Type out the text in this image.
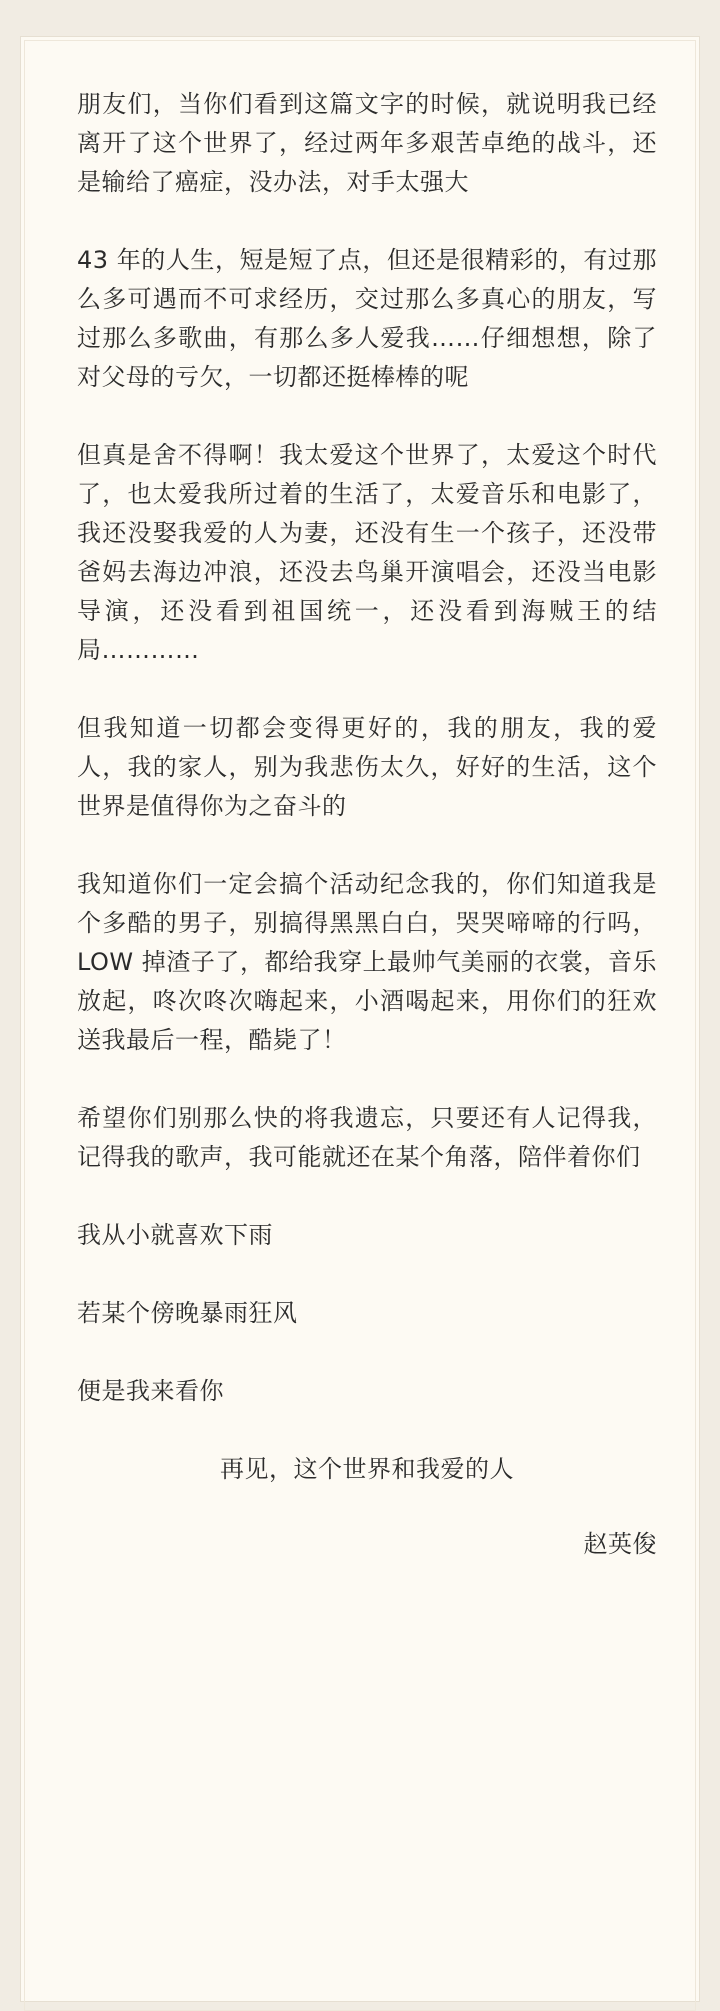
朋友们，当你们看到这篇文字的时候，就说明我已经离开了这个世界了，经过两年多艰苦卓绝的战斗，还是输给了癌症，没办法，对手太强大

43 年的人生，短是短了点，但还是很精彩的，有过那么多可遇而不可求经历，交过那么多真心的朋友，写过那么多歌曲，有那么多人爱我……仔细想想，除了对父母的亏欠，一切都还挺棒棒的呢

但真是舍不得啊！我太爱这个世界了，太爱这个时代了，也太爱我所过着的生活了，太爱音乐和电影了，我还没娶我爱的人为妻，还没有生一个孩子，还没带爸妈去海边冲浪，还没去鸟巢开演唱会，还没当电影导演，还没看到祖国统一，还没看到海贼王的结局…………

但我知道一切都会变得更好的，我的朋友，我的爱人，我的家人，别为我悲伤太久，好好的生活，这个世界是值得你为之奋斗的

我知道你们一定会搞个活动纪念我的，你们知道我是个多酷的男子，别搞得黑黑白白，哭哭啼啼的行吗， LOW 掉渣子了，都给我穿上最帅气美丽的衣裳，音乐放起，咚次咚次嗨起来，小酒喝起来，用你们的狂欢送我最后一程，酷毙了！

希望你们别那么快的将我遗忘，只要还有人记得我，记得我的歌声，我可能就还在某个角落，陪伴着你们

我从小就喜欢下雨

若某个傍晚暴雨狂风

便是我来看你

再见，这个世界和我爱的人

赵英俊
